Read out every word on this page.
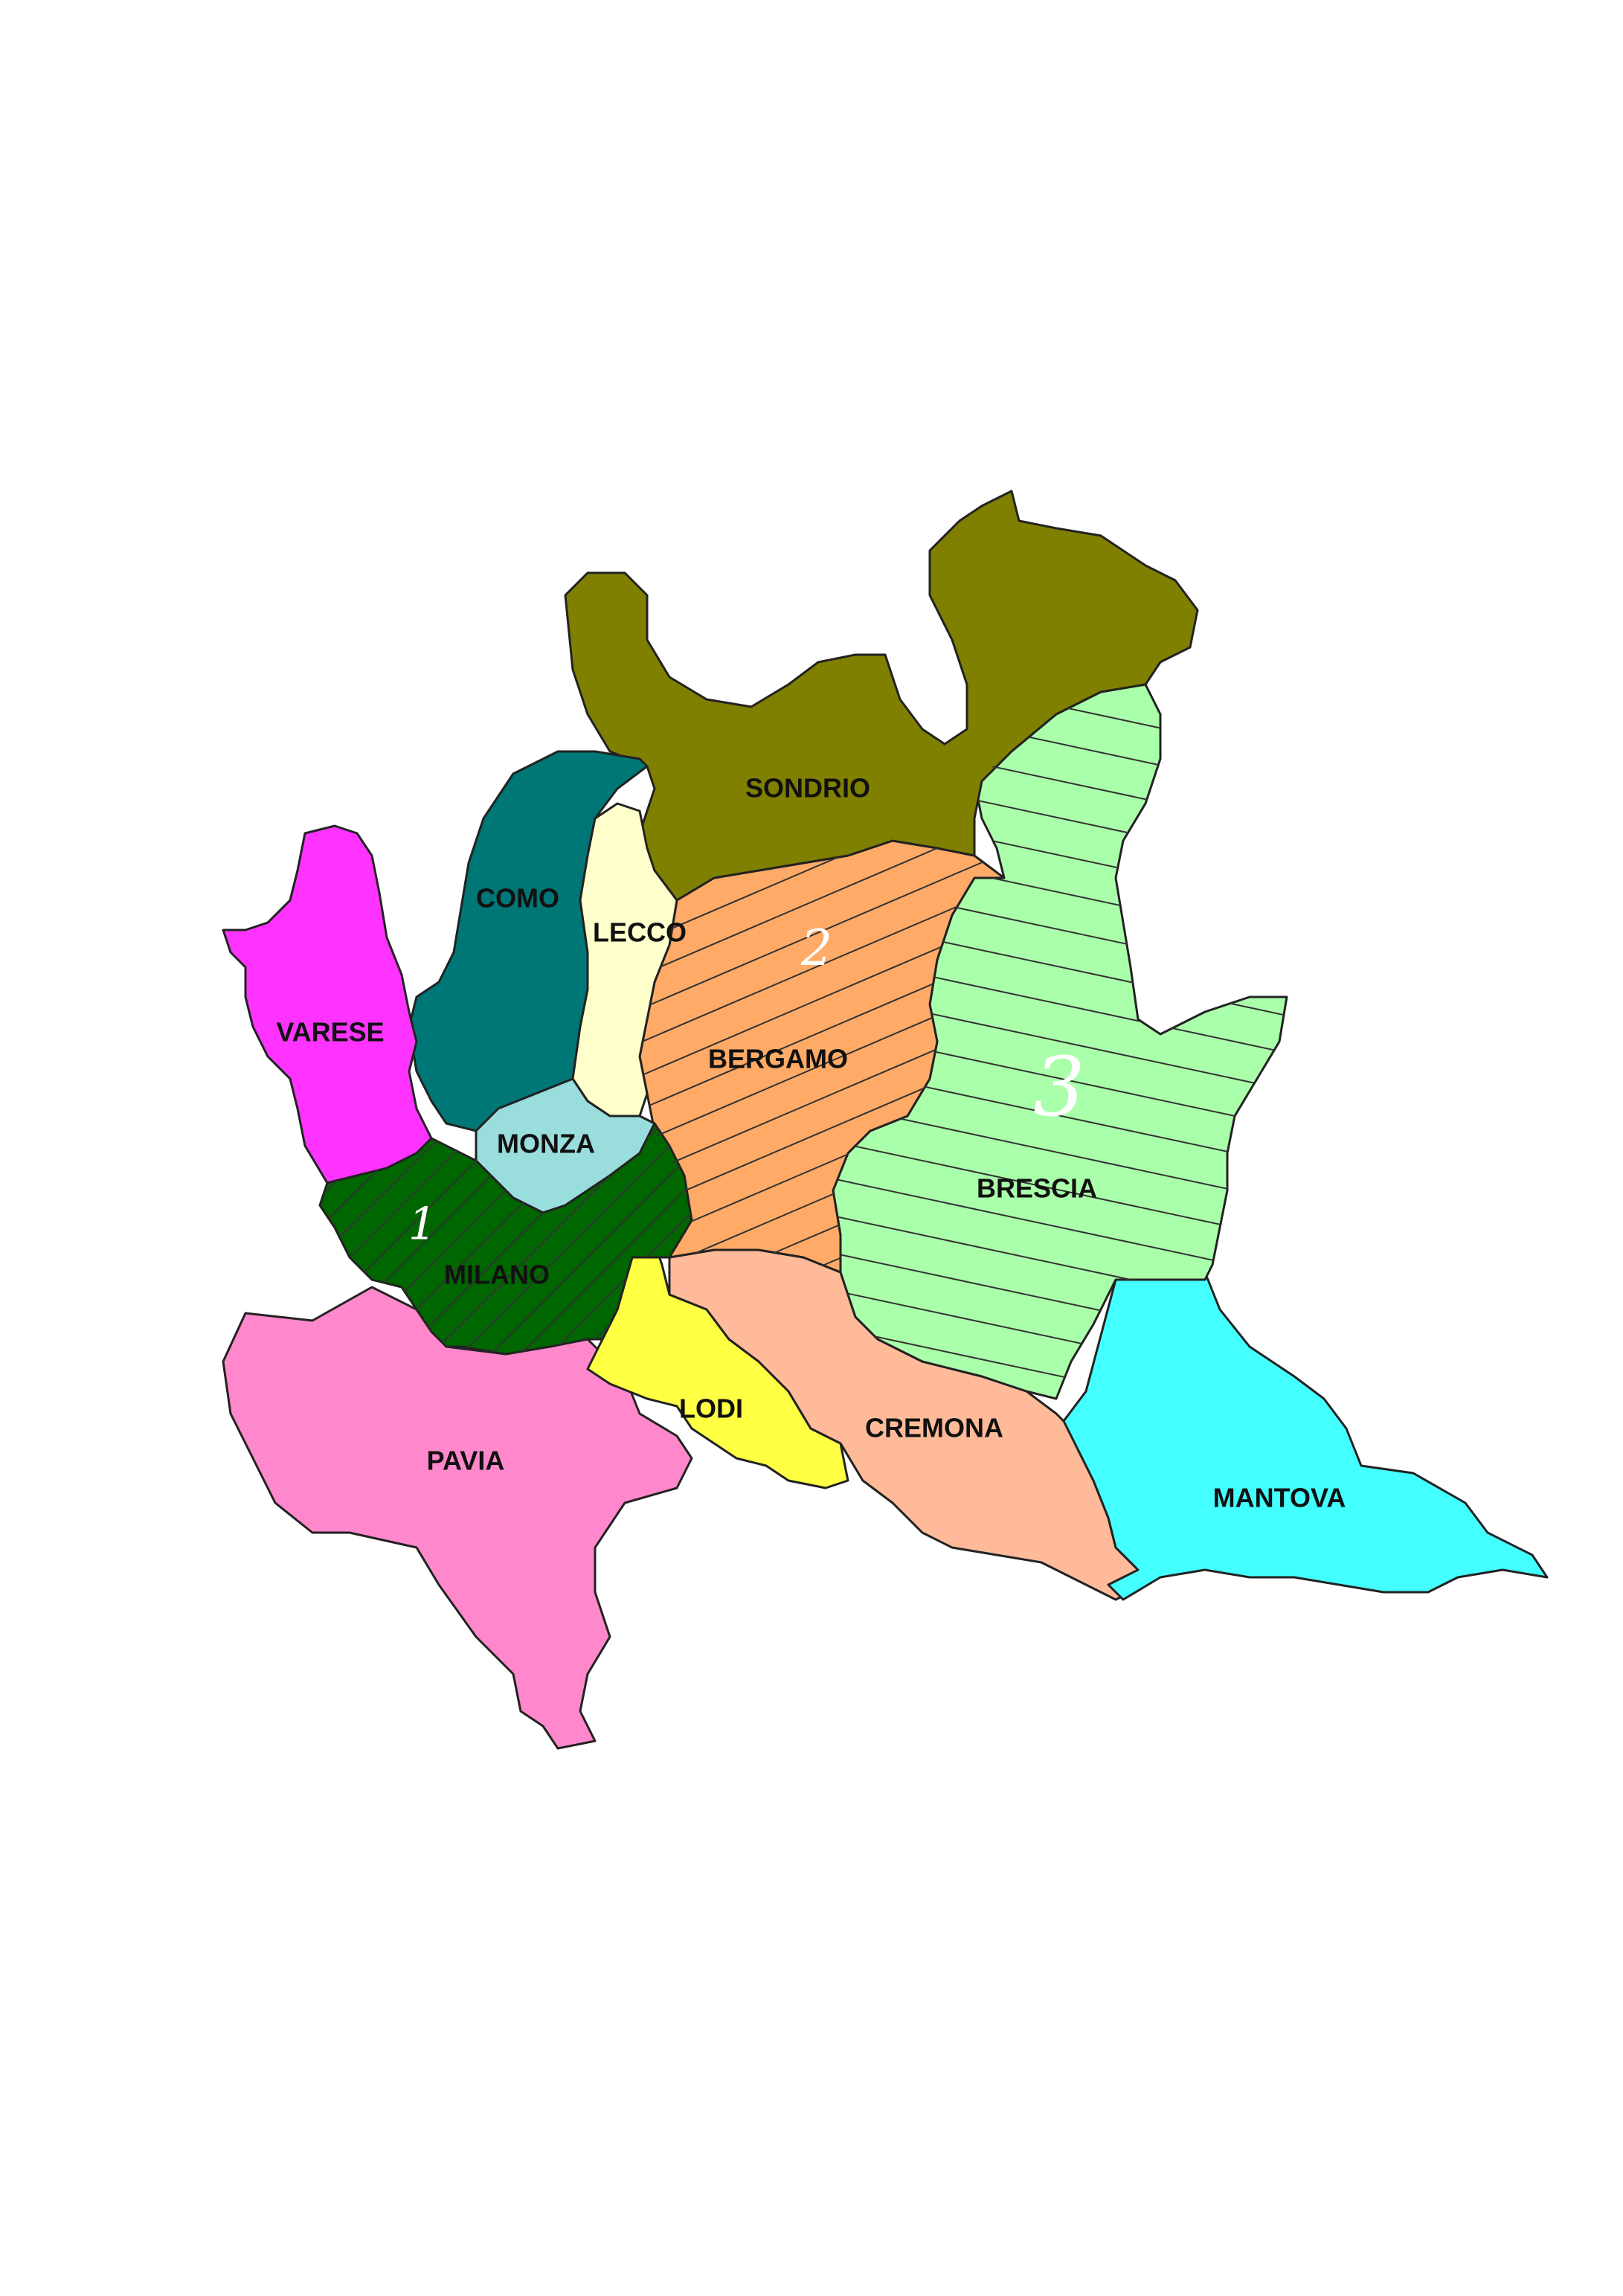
SONDRIO
COMO
LECCO
VARESE
MONZA
MILANO
BERGAMO
BRESCIA
PAVIA
LODI
CREMONA
MANTOVA
1
2
3
